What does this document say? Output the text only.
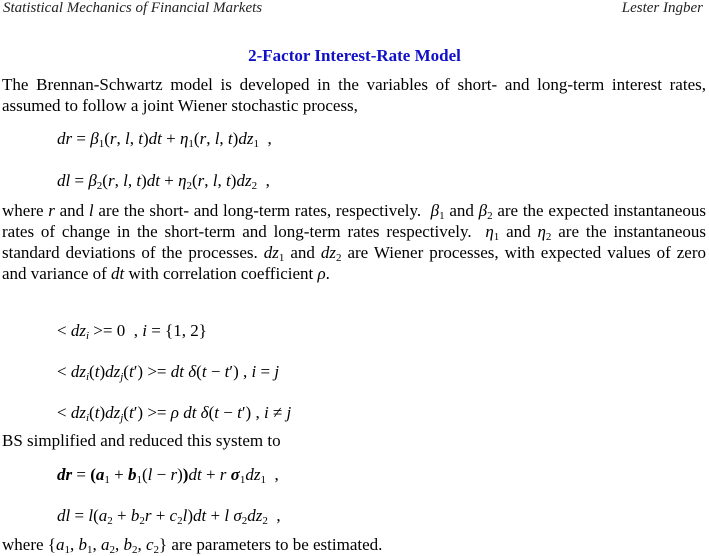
Statistical Mechanics of Financial Markets	Lester Ingber
2-Factor Interest-Rate Model
The Brennan-Schwartz model is developed in the variables of short- and long-term interest rates, assumed to follow a joint Wiener stochastic process,
dr = $\beta_1(r$, l, $t)dt + \eta_1(r$, l, $t)dz_1$  ,
dl = $\beta_2(r$, l, $t)dt + \eta_2(r$, l, $t)dz_2$  ,
where r and l are the short- and long-term rates, respectively.  $\beta_1$ and $\beta_2$ are the expected instantaneous rates of change in the short-term and long-term rates respectively.  $\eta_1$ and $\eta_2$ are the instantaneous standard deviations of the processes. $dz_1$ and $dz_2$ are Wiener processes, with expected values of zero and variance of dt with correlation coefficient ρ.
< $dz_i >= 0$  , i = {1, 2}
< $dz_i(t)dz_j(t')$ >= dt δ(t − t′) , i = j
< $dz_i(t)dz_j(t') >= \rho$ dt δ(t − t′) , i ≠ j
BS simplified and reduced this system to
dr = $(a_1 + b_1(l - r))dt + r$ $\sigma_1dz_1$  ,
dl = $l(a_2 + b_2r + c_2l)dt + l$ $\sigma_2dz_2$  ,
where {$a_1$, $b_1$, $a_2$, $b_2$, $c_2$} are parameters to be estimated.
